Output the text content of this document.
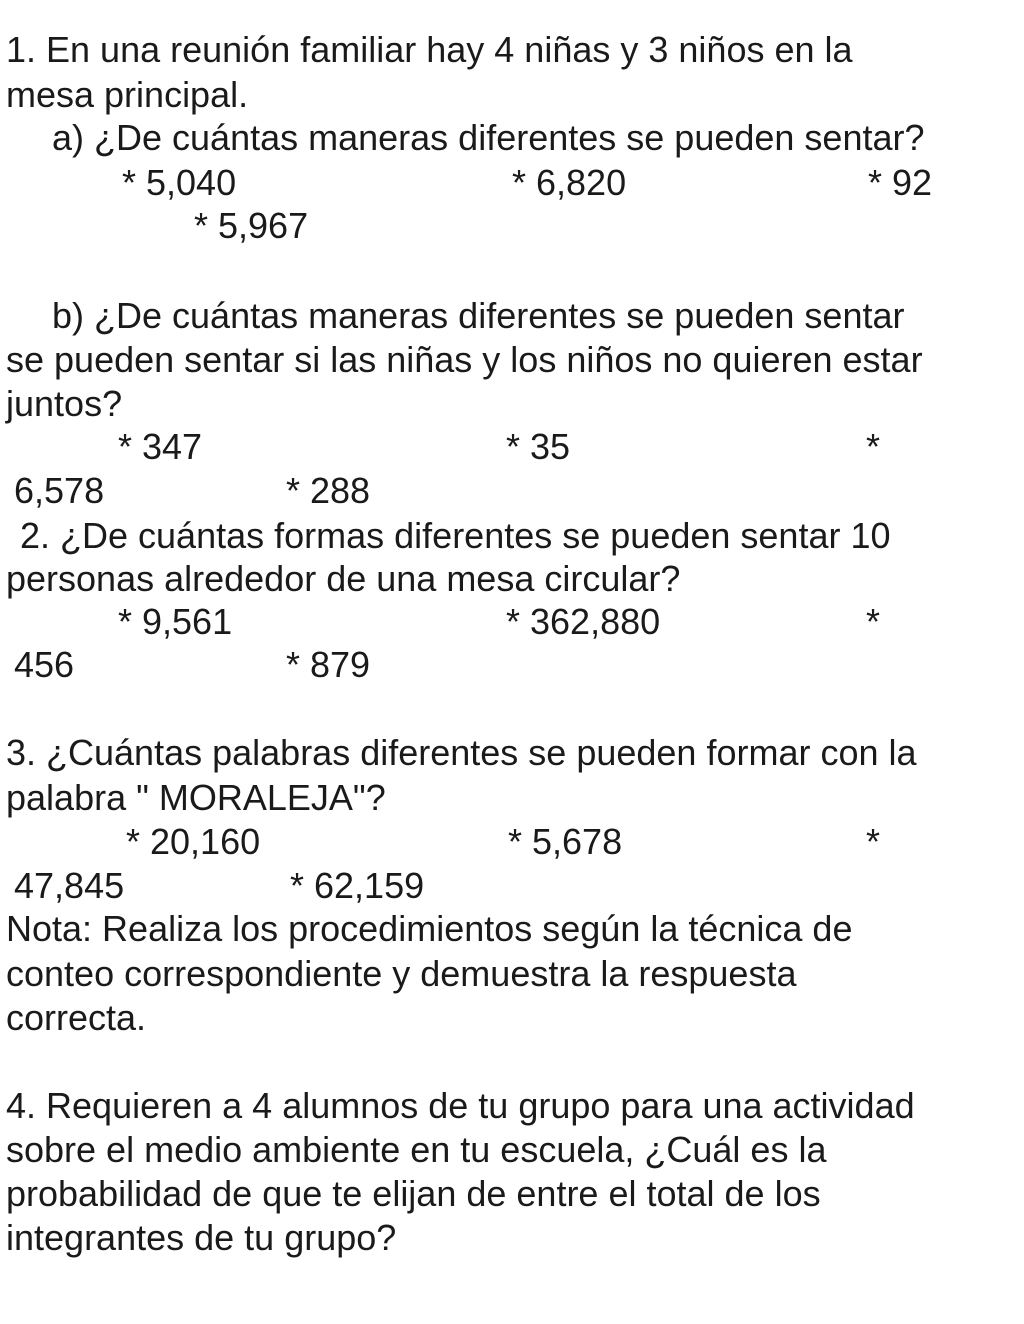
1. En una reunión familiar hay 4 niñas y 3 niños en la
mesa principal.
a) ¿De cuántas maneras diferentes se pueden sentar?
* 5,040	* 6,820	* 92
* 5,967
b) ¿De cuántas maneras diferentes se pueden sentar
se pueden sentar si las niñas y los niños no quieren estar
juntos?
* 347	* 35	*
6,578	* 288
2. ¿De cuántas formas diferentes se pueden sentar 10
personas alrededor de una mesa circular?
* 9,561	* 362,880	*
456	* 879
3. ¿Cuántas palabras diferentes se pueden formar con la
palabra " MORALEJA"?
* 20,160	* 5,678	*
47,845	* 62,159
Nota: Realiza los procedimientos según la técnica de
conteo correspondiente y demuestra la respuesta
correcta.
4. Requieren a 4 alumnos de tu grupo para una actividad
sobre el medio ambiente en tu escuela, ¿Cuál es la
probabilidad de que te elijan de entre el total de los
integrantes de tu grupo?
